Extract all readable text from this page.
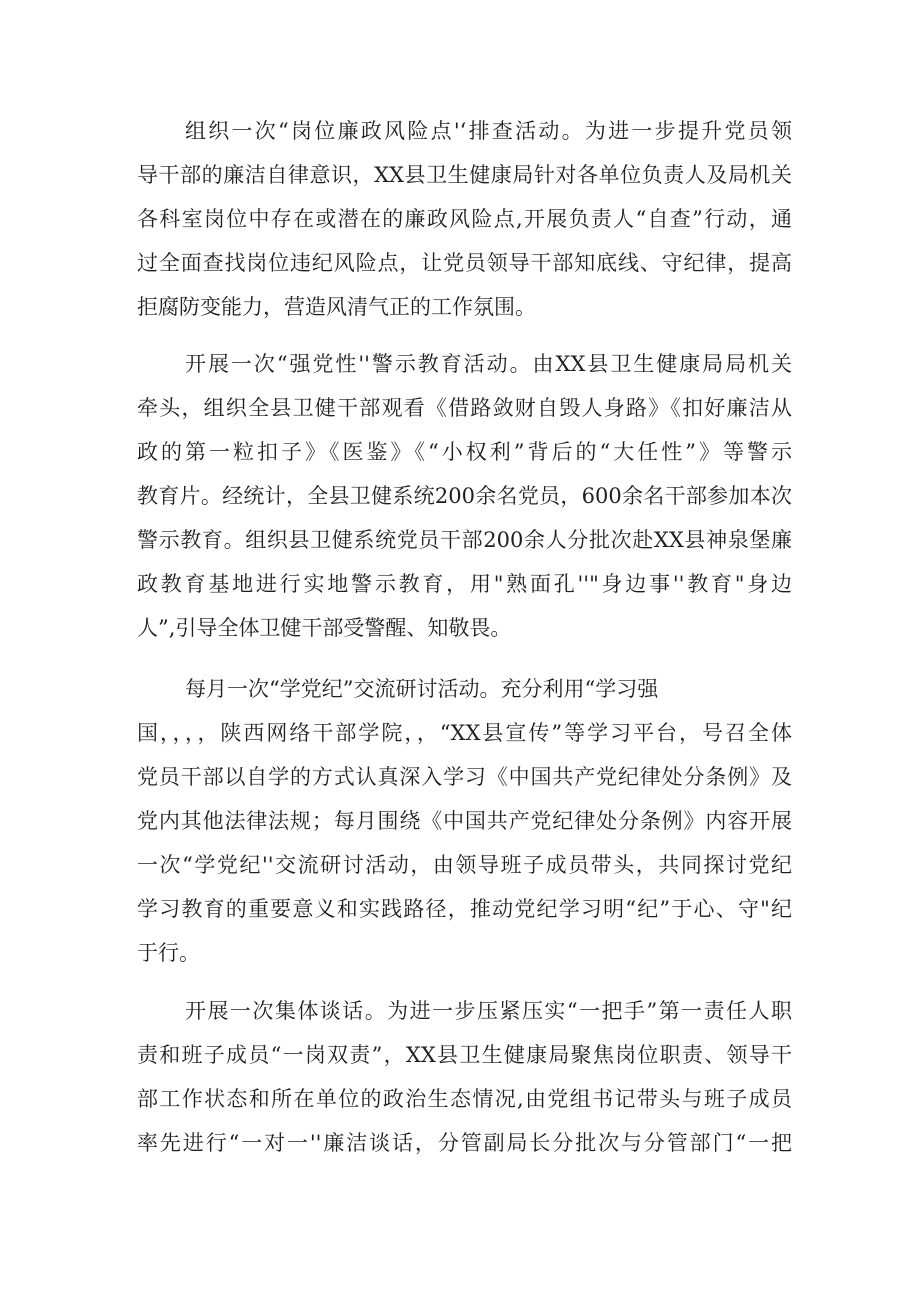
组织一次“岗位廉政风险点'‘排查活动。为进一步提升党员领
导干部的廉洁自律意识，XX县卫生健康局针对各单位负责人及局机关
各科室岗位中存在或潜在的廉政风险点,开展负责人“自查”行动，通
过全面查找岗位违纪风险点，让党员领导干部知底线、守纪律，提高
拒腐防变能力，营造风清气正的工作氛围。
开展一次“强党性''警示教育活动。由XX县卫生健康局局机关
牵头，组织全县卫健干部观看《借路敛财自毁人身路》《扣好廉洁从
政的第一粒扣子》《医鉴》《“小权利”背后的“大任性”》等警示
教育片。经统计，全县卫健系统200余名党员，600余名干部参加本次
警示教育。组织县卫健系统党员干部200余人分批次赴XX县神泉堡廉
政教育基地进行实地警示教育，用"熟面孔''"身边事''教育"身边
人”,引导全体卫健干部受警醒、知敬畏。
每月一次“学党纪”交流研讨活动。充分利用“学习强
国，，，，陕西网络干部学院，，“XX县宣传”等学习平台，号召全体
党员干部以自学的方式认真深入学习《中国共产党纪律处分条例》及
党内其他法律法规；每月围绕《中国共产党纪律处分条例》内容开展
一次“学党纪''交流研讨活动，由领导班子成员带头，共同探讨党纪
学习教育的重要意义和实践路径，推动党纪学习明“纪”于心、守"纪
于行。
开展一次集体谈话。为进一步压紧压实“一把手”第一责任人职
责和班子成员“一岗双责”，XX县卫生健康局聚焦岗位职责、领导干
部工作状态和所在单位的政治生态情况,由党组书记带头与班子成员
率先进行“一对一''廉洁谈话，分管副局长分批次与分管部门“一把
